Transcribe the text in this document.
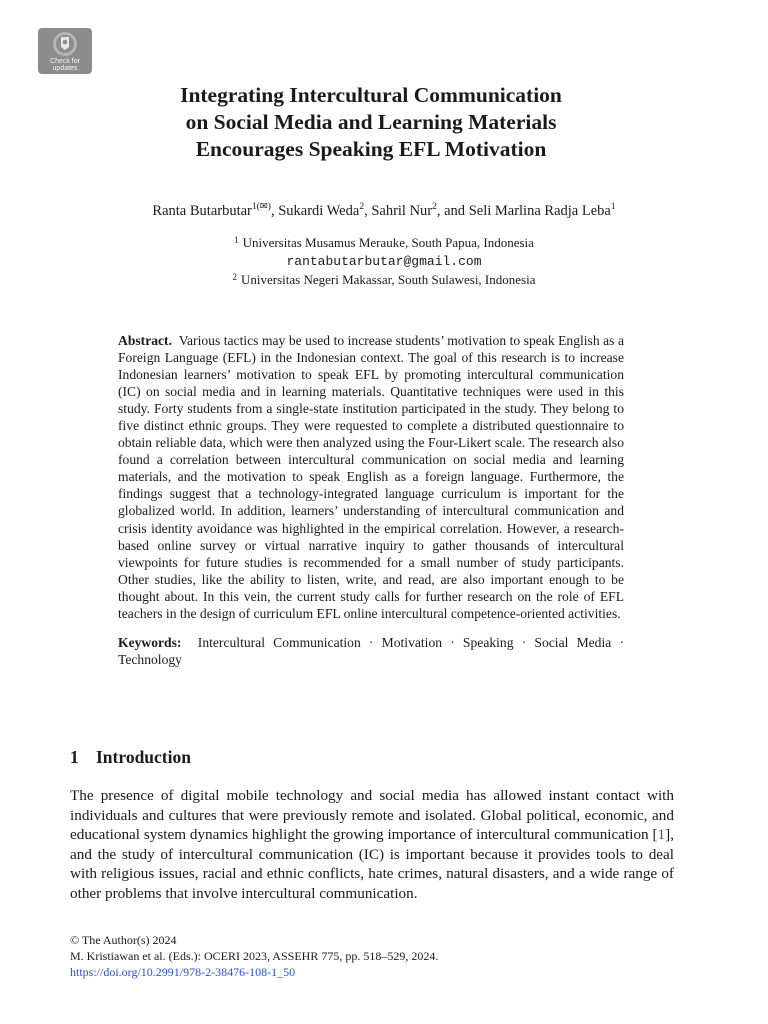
Check for
updates
Integrating Intercultural Communication
on Social Media and Learning Materials
Encourages Speaking EFL Motivation
Ranta Butarbutar$^{1(✉)}$, Sukardi Weda$^2$, Sahril Nur$^2$, and Seli Marlina Radja Leba$^1$
$^1$ Universitas Musamus Merauke, South Papua, Indonesia
rantabutarbutar@gmail.com
$^2$ Universitas Negeri Makassar, South Sulawesi, Indonesia

Abstract. Various tactics may be used to increase students’ motivation to speak English as a Foreign Language (EFL) in the Indonesian context. The goal of this research is to increase Indonesian learners’ motivation to speak EFL by promoting intercultural communication (IC) on social media and in learning materials. Quantitative techniques were used in this study. Forty students from a single-state institution participated in the study. They belong to five distinct ethnic groups. They were requested to complete a distributed questionnaire to obtain reliable data, which were then analyzed using the Four-Likert scale. The research also found a correlation between intercultural communication on social media and learning materials, and the motivation to speak English as a foreign language. Furthermore, the findings suggest that a technology-integrated language curriculum is important for the globalized world. In addition, learners’ understanding of intercultural communication and crisis identity avoidance was highlighted in the empirical correlation. However, a research-based online survey or virtual narrative inquiry to gather thousands of intercultural viewpoints for future studies is recommended for a small number of study participants. Other studies, like the ability to listen, write, and read, are also important enough to be thought about. In this vein, the current study calls for further research on the role of EFL teachers in the design of curriculum EFL online intercultural competence-oriented activities.

Keywords: Intercultural Communication · Motivation · Speaking · Social Media · Technology

1 Introduction

The presence of digital mobile technology and social media has allowed instant contact with individuals and cultures that were previously remote and isolated. Global political, economic, and educational system dynamics highlight the growing importance of intercultural communication [1], and the study of intercultural communication (IC) is important because it provides tools to deal with religious issues, racial and ethnic conflicts, hate crimes, natural disasters, and a wide range of other problems that involve intercultural communication.

© The Author(s) 2024
M. Kristiawan et al. (Eds.): OCERI 2023, ASSEHR 775, pp. 518–529, 2024.
https://doi.org/10.2991/978-2-38476-108-1_50
